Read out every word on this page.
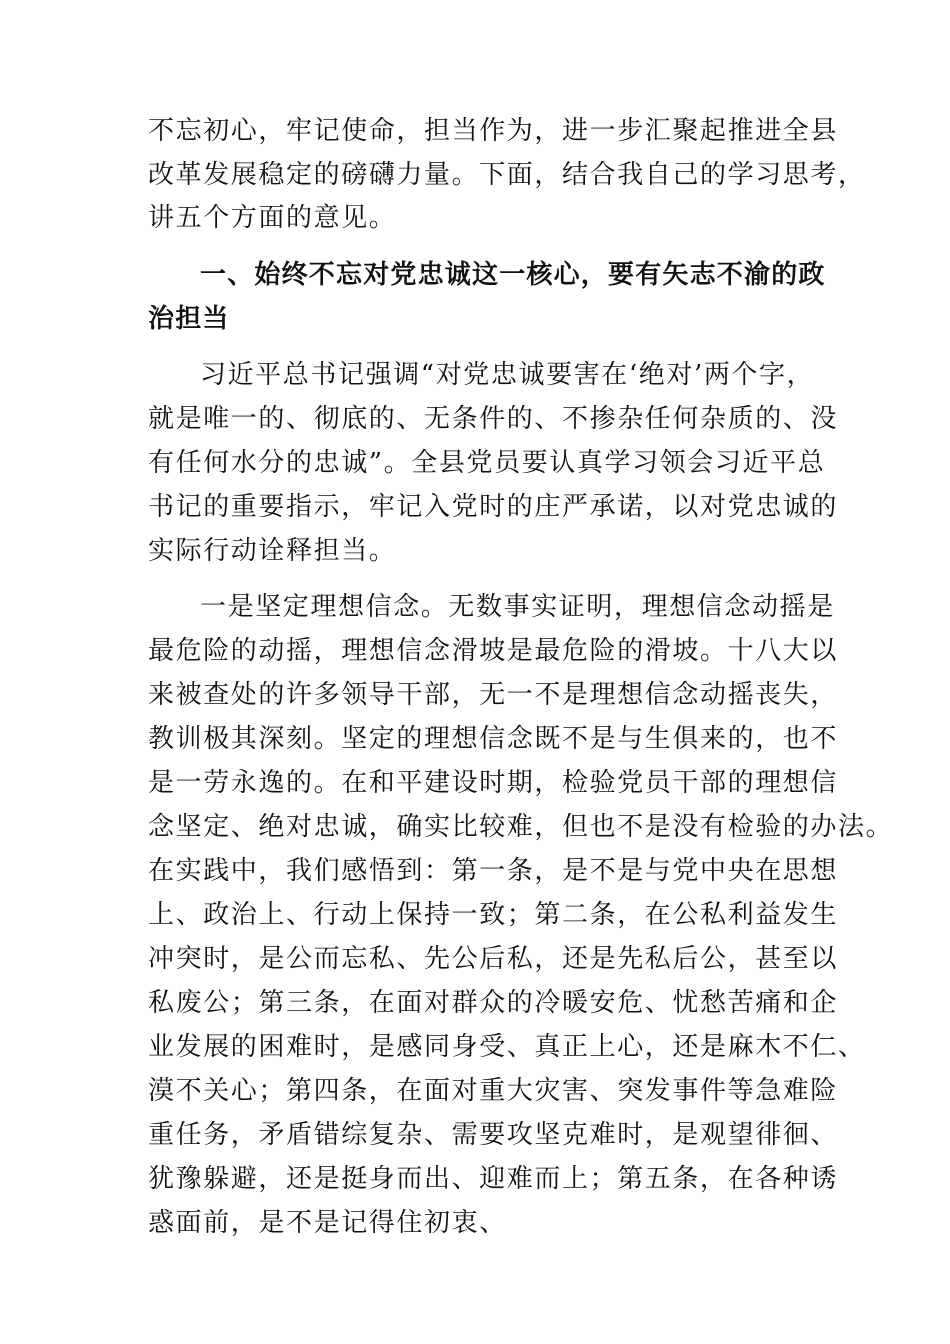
不忘初心，牢记使命，担当作为，进一步汇聚起推进全县
改革发展稳定的磅礴力量。下面，结合我自己的学习思考，
讲五个方面的意见。
一、始终不忘对党忠诚这一核心，要有矢志不渝的政
治担当
习近平总书记强调“对党忠诚要害在‘绝对’两个字，
就是唯一的、彻底的、无条件的、不掺杂任何杂质的、没
有任何水分的忠诚”。全县党员要认真学习领会习近平总
书记的重要指示，牢记入党时的庄严承诺，以对党忠诚的
实际行动诠释担当。
一是坚定理想信念。无数事实证明，理想信念动摇是
最危险的动摇，理想信念滑坡是最危险的滑坡。十八大以
来被查处的许多领导干部，无一不是理想信念动摇丧失，
教训极其深刻。坚定的理想信念既不是与生俱来的，也不
是一劳永逸的。在和平建设时期，检验党员干部的理想信
念坚定、绝对忠诚，确实比较难，但也不是没有检验的办法。
在实践中，我们感悟到：第一条，是不是与党中央在思想
上、政治上、行动上保持一致；第二条，在公私利益发生
冲突时，是公而忘私、先公后私，还是先私后公，甚至以
私废公；第三条，在面对群众的冷暖安危、忧愁苦痛和企
业发展的困难时，是感同身受、真正上心，还是麻木不仁、
漠不关心；第四条，在面对重大灾害、突发事件等急难险
重任务，矛盾错综复杂、需要攻坚克难时，是观望徘徊、
犹豫躲避，还是挺身而出、迎难而上；第五条，在各种诱
惑面前，是不是记得住初衷、
